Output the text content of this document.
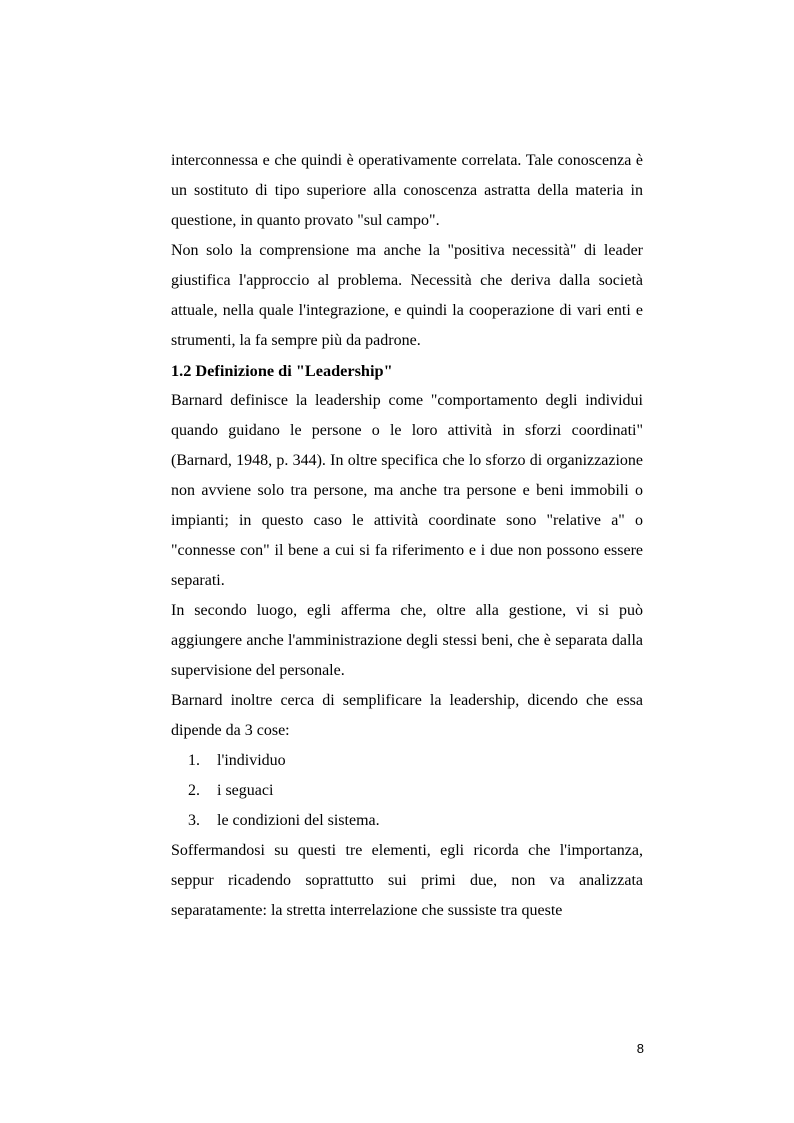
interconnessa e che quindi è operativamente correlata. Tale conoscenza è un sostituto di tipo superiore alla conoscenza astratta della materia in questione, in quanto provato "sul campo".

Non solo la comprensione ma anche la "positiva necessità" di leader giustifica l'approccio al problema. Necessità che deriva dalla società attuale, nella quale l'integrazione, e quindi la cooperazione di vari enti e strumenti, la fa sempre più da padrone.

1.2 Definizione di "Leadership"

Barnard definisce la leadership come "comportamento degli individui quando guidano le persone o le loro attività in sforzi coordinati" (Barnard, 1948, p. 344). In oltre specifica che lo sforzo di organizzazione non avviene solo tra persone, ma anche tra persone e beni immobili o impianti; in questo caso le attività coordinate sono "relative a" o "connesse con" il bene a cui si fa riferimento e i due non possono essere separati.

In secondo luogo, egli afferma che, oltre alla gestione, vi si può aggiungere anche l'amministrazione degli stessi beni, che è separata dalla supervisione del personale.

Barnard inoltre cerca di semplificare la leadership, dicendo che essa dipende da 3 cose:

1.	l'individuo
2.	i seguaci
3.	le condizioni del sistema.

Soffermandosi su questi tre elementi, egli ricorda che l'importanza, seppur ricadendo soprattutto sui primi due, non va analizzata separatamente: la stretta interrelazione che sussiste tra queste

8
